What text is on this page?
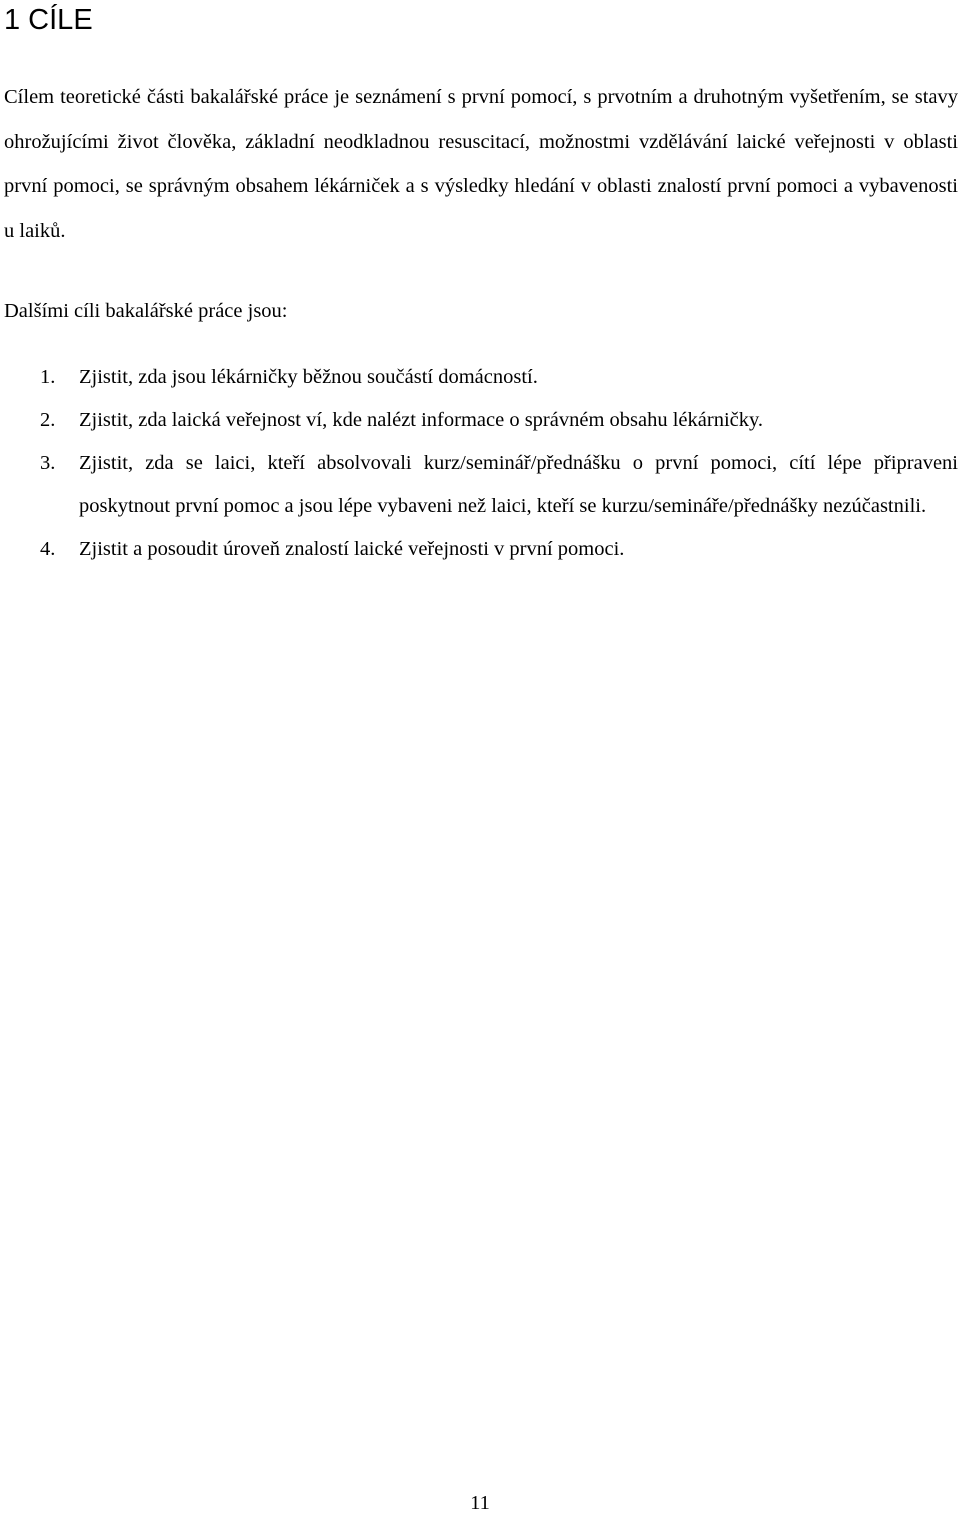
1 CÍLE

Cílem teoretické části bakalářské práce je seznámení s první pomocí, s prvotním a druhotným vyšetřením, se stavy ohrožujícími život člověka, základní neodkladnou resuscitací, možnostmi vzdělávání laické veřejnosti v oblasti první pomoci, se správným obsahem lékárniček a s výsledky hledání v oblasti znalostí první pomoci a vybavenosti u laiků.

Dalšími cíli bakalářské práce jsou:

1. Zjistit, zda jsou lékárničky běžnou součástí domácností.
2. Zjistit, zda laická veřejnost ví, kde nalézt informace o správném obsahu lékárničky.
3. Zjistit, zda se laici, kteří absolvovali kurz/seminář/přednášku o první pomoci, cítí lépe připraveni poskytnout první pomoc a jsou lépe vybaveni než laici, kteří se kurzu/semináře/přednášky nezúčastnili.
4. Zjistit a posoudit úroveň znalostí laické veřejnosti v první pomoci.
11
